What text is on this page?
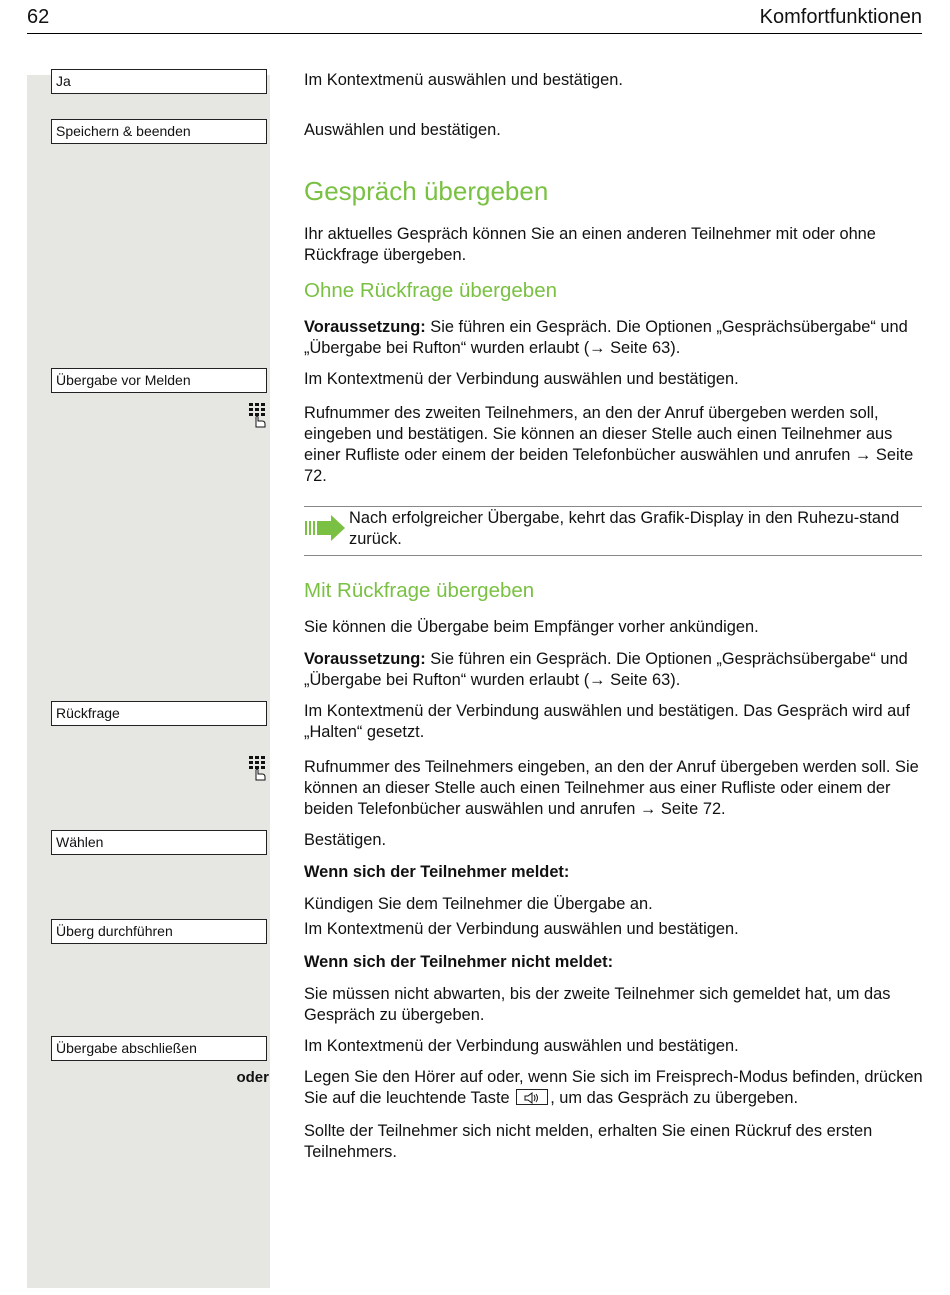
62	Komfortfunktionen
Ja
Speichern & beenden
Übergabe vor Melden
Rückfrage
Wählen
Überg durchführen
Übergabe abschließen
oder

Im Kontextmenü auswählen und bestätigen.

Auswählen und bestätigen.

Gespräch übergeben

Ihr aktuelles Gespräch können Sie an einen anderen Teilnehmer mit oder ohne Rückfrage übergeben.

Ohne Rückfrage übergeben

Voraussetzung: Sie führen ein Gespräch. Die Optionen „Gesprächsübergabe“ und „Übergabe bei Rufton“ wurden erlaubt (→ Seite 63).

Im Kontextmenü der Verbindung auswählen und bestätigen.

Rufnummer des zweiten Teilnehmers, an den der Anruf übergeben werden soll, eingeben und bestätigen. Sie können an dieser Stelle auch einen Teilnehmer aus einer Rufliste oder einem der beiden Telefonbücher auswählen und anrufen → Seite 72.

Nach erfolgreicher Übergabe, kehrt das Grafik-Display in den Ruhezu-stand zurück.
Mit Rückfrage übergeben

Sie können die Übergabe beim Empfänger vorher ankündigen.

Voraussetzung: Sie führen ein Gespräch. Die Optionen „Gesprächsübergabe“ und „Übergabe bei Rufton“ wurden erlaubt (→ Seite 63).

Im Kontextmenü der Verbindung auswählen und bestätigen. Das Gespräch wird auf „Halten“ gesetzt.

Rufnummer des Teilnehmers eingeben, an den der Anruf übergeben werden soll. Sie können an dieser Stelle auch einen Teilnehmer aus einer Rufliste oder einem der beiden Telefonbücher auswählen und anrufen → Seite 72.

Bestätigen.

Wenn sich der Teilnehmer meldet:

Kündigen Sie dem Teilnehmer die Übergabe an.

Im Kontextmenü der Verbindung auswählen und bestätigen.

Wenn sich der Teilnehmer nicht meldet:

Sie müssen nicht abwarten, bis der zweite Teilnehmer sich gemeldet hat, um das Gespräch zu übergeben.

Im Kontextmenü der Verbindung auswählen und bestätigen.

Legen Sie den Hörer auf oder, wenn Sie sich im Freisprech-Modus befinden, drücken Sie auf die leuchtende Taste , um das Gespräch zu übergeben.

Sollte der Teilnehmer sich nicht melden, erhalten Sie einen Rückruf des ersten Teilnehmers.
